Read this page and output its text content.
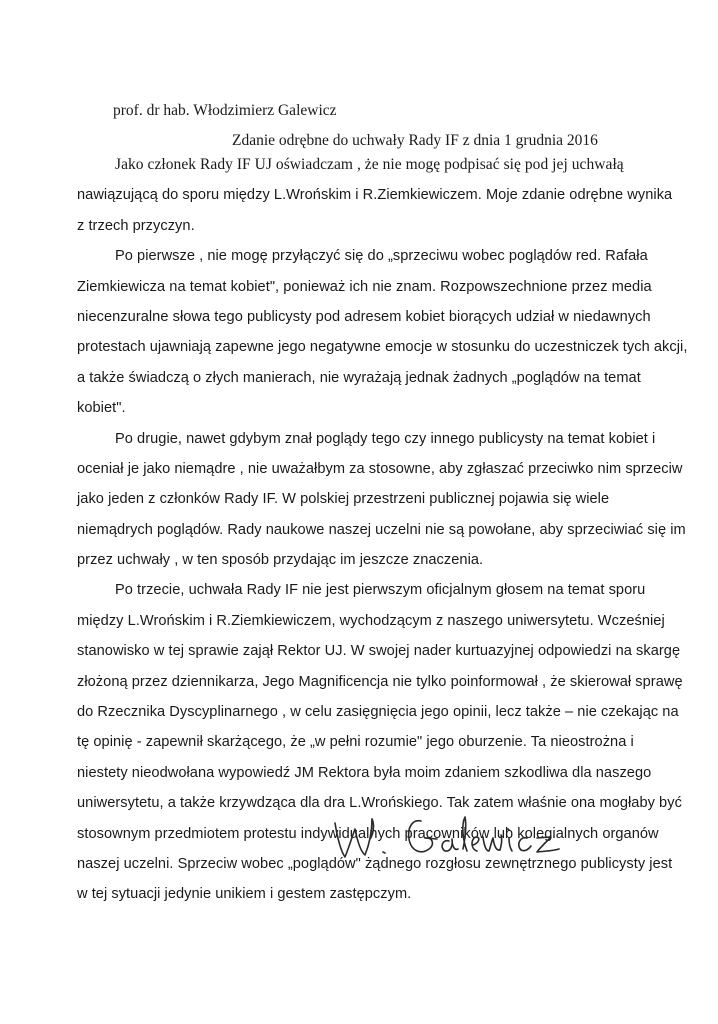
prof. dr hab. Włodzimierz Galewicz
Zdanie odrębne do uchwały Rady IF z dnia 1 grudnia 2016
Jako członek Rady IF UJ oświadczam , że nie mogę podpisać się pod jej uchwałą
nawiązującą do sporu między L.Wrońskim i R.Ziemkiewiczem. Moje zdanie odrębne wynika
z trzech przyczyn.
Po pierwsze , nie mogę przyłączyć się do „sprzeciwu wobec poglądów red. Rafała
Ziemkiewicza na temat kobiet", ponieważ ich nie znam. Rozpowszechnione przez media
niecenzuralne słowa tego publicysty pod adresem kobiet biorących udział w niedawnych
protestach ujawniają zapewne jego negatywne emocje w stosunku do uczestniczek tych akcji,
a także świadczą o złych manierach, nie wyrażają jednak żadnych „poglądów na temat
kobiet".
Po drugie, nawet gdybym znał poglądy tego czy innego publicysty na temat kobiet i
oceniał je jako niemądre , nie uważałbym za stosowne, aby zgłaszać przeciwko nim sprzeciw
jako jeden z członków Rady IF. W polskiej przestrzeni publicznej pojawia się wiele
niemądrych poglądów. Rady naukowe naszej uczelni nie są powołane, aby sprzeciwiać się im
przez uchwały , w ten sposób przydając im jeszcze znaczenia.
Po trzecie, uchwała Rady IF nie jest pierwszym oficjalnym głosem na temat sporu
między L.Wrońskim i R.Ziemkiewiczem, wychodzącym z naszego uniwersytetu. Wcześniej
stanowisko w tej sprawie zajął Rektor UJ. W swojej nader kurtuazyjnej odpowiedzi na skargę
złożoną przez dziennikarza, Jego Magnificencja nie tylko poinformował , że skierował sprawę
do Rzecznika Dyscyplinarnego , w celu zasięgnięcia jego opinii, lecz także – nie czekając na
tę opinię - zapewnił skarżącego, że „w pełni rozumie" jego oburzenie. Ta nieostrożna i
niestety nieodwołana wypowiedź JM Rektora była moim zdaniem szkodliwa dla naszego
uniwersytetu, a także krzywdząca dla dra L.Wrońskiego. Tak zatem właśnie ona mogłaby być
stosownym przedmiotem protestu indywidualnych pracowników lub kolegialnych organów
naszej uczelni. Sprzeciw wobec „poglądów" żądnego rozgłosu zewnętrznego publicysty jest
w tej sytuacji jedynie unikiem i gestem zastępczym.
